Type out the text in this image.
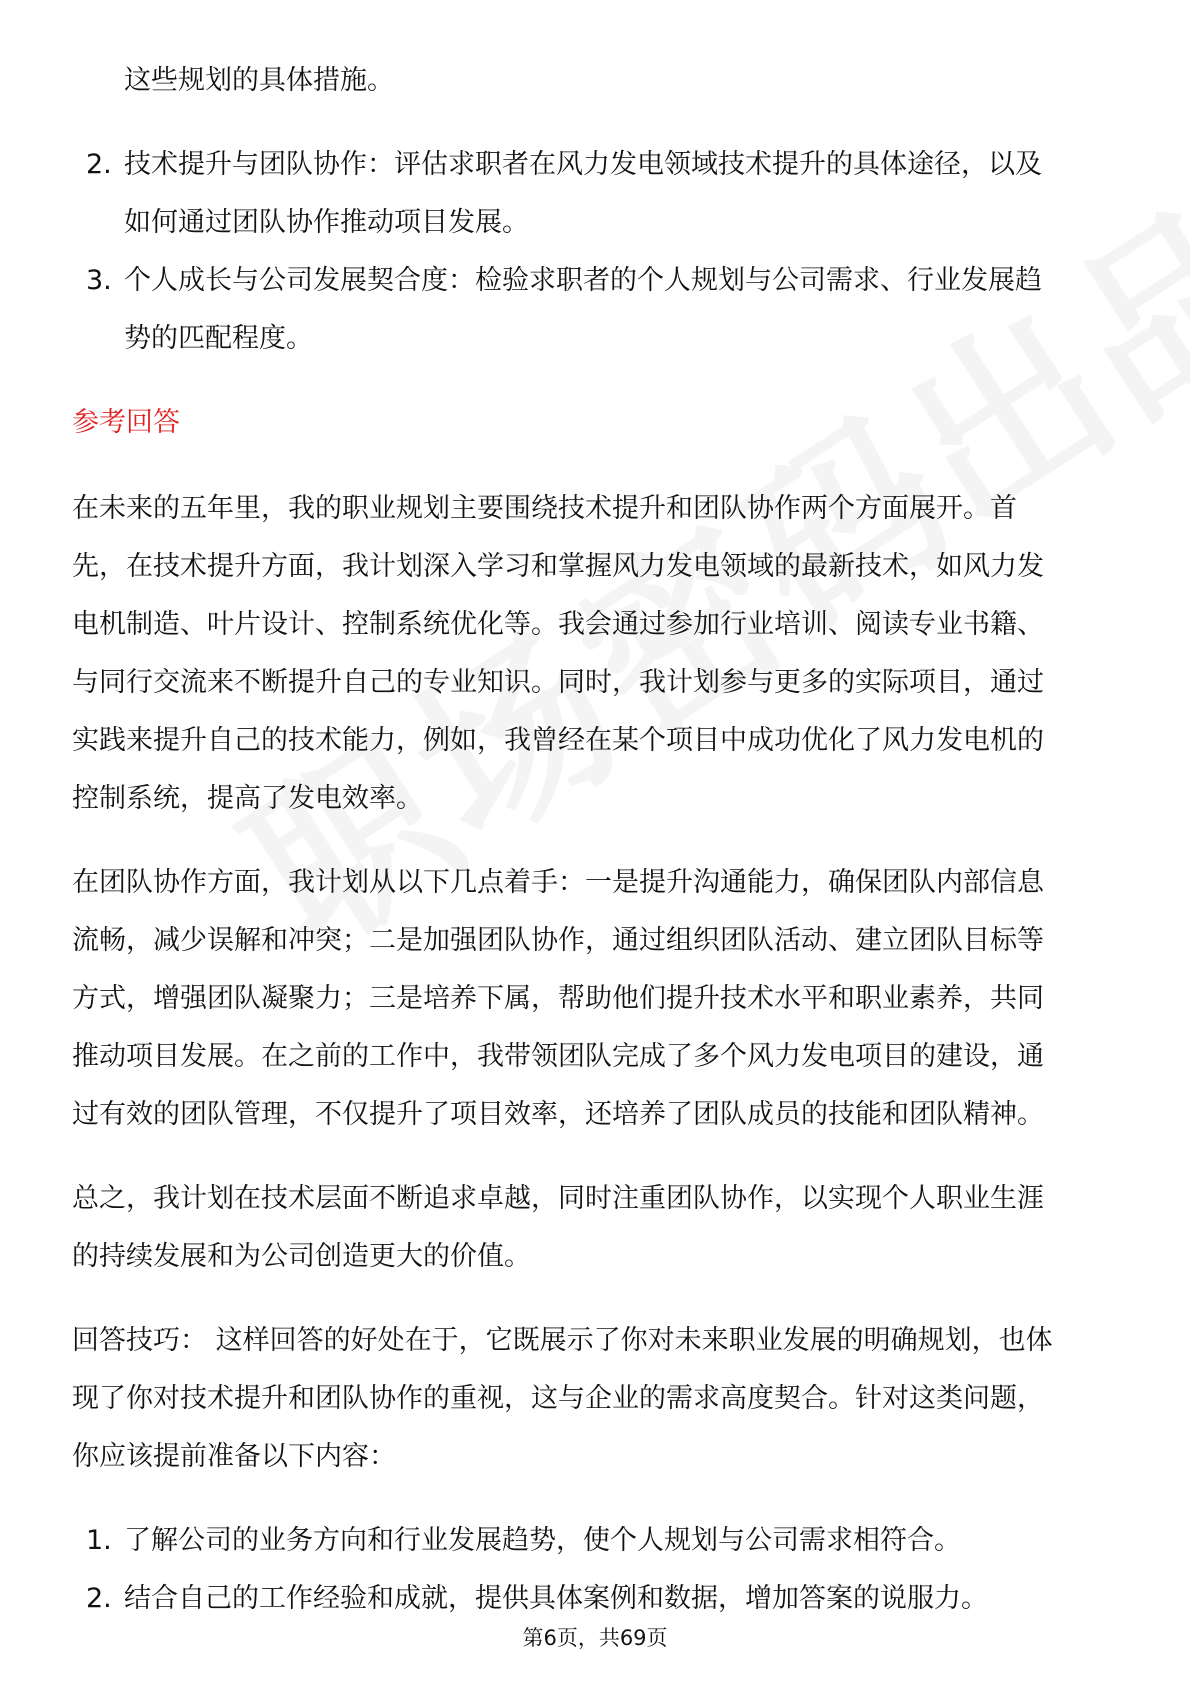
这些规划的具体措施。

2. 技术提升与团队协作：评估求职者在风力发电领域技术提升的具体途径，以及

如何通过团队协作推动项目发展。

3. 个人成长与公司发展契合度：检验求职者的个人规划与公司需求、行业发展趋

势的匹配程度。

参考回答

在未来的五年里，我的职业规划主要围绕技术提升和团队协作两个方面展开。首

先，在技术提升方面，我计划深入学习和掌握风力发电领域的最新技术，如风力发

电机制造、叶片设计、控制系统优化等。我会通过参加行业培训、阅读专业书籍、

与同行交流来不断提升自己的专业知识。同时，我计划参与更多的实际项目，通过

实践来提升自己的技术能力，例如，我曾经在某个项目中成功优化了风力发电机的

控制系统，提高了发电效率。

在团队协作方面，我计划从以下几点着手：一是提升沟通能力，确保团队内部信息

流畅，减少误解和冲突；二是加强团队协作，通过组织团队活动、建立团队目标等

方式，增强团队凝聚力；三是培养下属，帮助他们提升技术水平和职业素养，共同

推动项目发展。在之前的工作中，我带领团队完成了多个风力发电项目的建设，通

过有效的团队管理，不仅提升了项目效率，还培养了团队成员的技能和团队精神。

总之，我计划在技术层面不断追求卓越，同时注重团队协作，以实现个人职业生涯

的持续发展和为公司创造更大的价值。

回答技巧： 这样回答的好处在于，它既展示了你对未来职业发展的明确规划，也体

现了你对技术提升和团队协作的重视，这与企业的需求高度契合。针对这类问题，

你应该提前准备以下内容：

1. 了解公司的业务方向和行业发展趋势，使个人规划与公司需求相符合。

2. 结合自己的工作经验和成就，提供具体案例和数据，增加答案的说服力。

第6页，共69页
